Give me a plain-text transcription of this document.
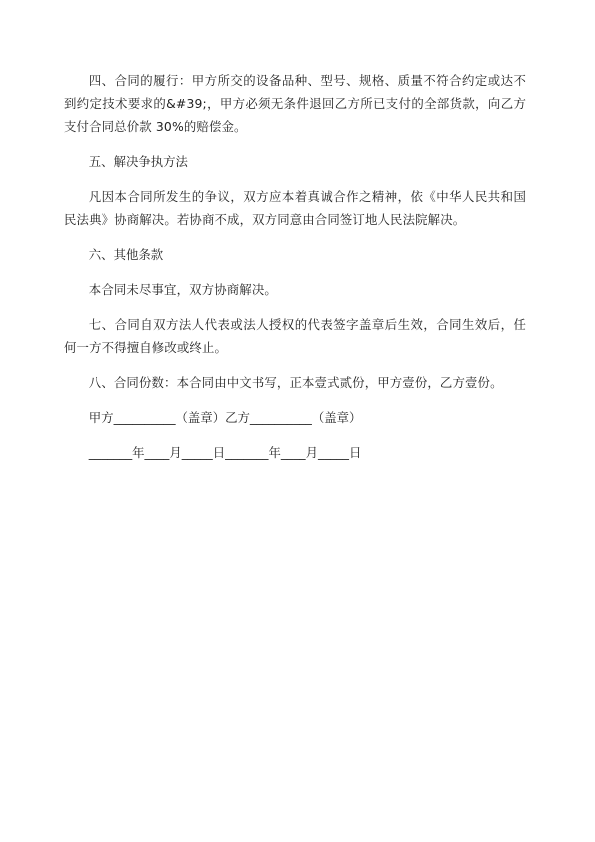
四、合同的履行：甲方所交的设备品种、型号、规格、质量不符合约定或达不到约定技术要求的&#39;，甲方必须无条件退回乙方所已支付的全部货款，向乙方支付合同总价款 30%的赔偿金。

五、解决争执方法

凡因本合同所发生的争议，双方应本着真诚合作之精神，依《中华人民共和国民法典》协商解决。若协商不成，双方同意由合同签订地人民法院解决。

六、其他条款

本合同未尽事宜，双方协商解决。

七、合同自双方法人代表或法人授权的代表签字盖章后生效，合同生效后，任何一方不得擅自修改或终止。

八、合同份数：本合同由中文书写，正本壹式贰份，甲方壹份，乙方壹份。

甲方__________（盖章）乙方__________（盖章）

_______年____月_____日_______年____月_____日
